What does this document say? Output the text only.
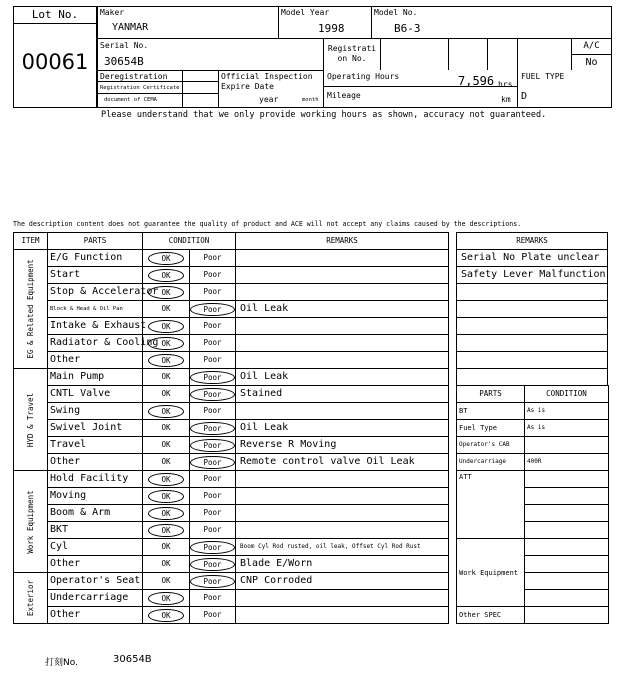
Lot No.
00061
Maker
YANMAR
Model Year
1998
Model No.
B6-3
Serial No.
30654B
Registrati
on No.
A/C
No
Deregistration
Registration Certificate
document of CEMA
Official Inspection
Expire Date
year	month
Operating Hours	7,596 hrs
km
Mileage
FUEL TYPE
D
Please understand that we only provide working hours as shown, accuracy not guaranteed.
The description content does not guarantee the quality of product and ACE will not accept any claims caused by the descriptions.
ITEM	PARTS	CONDITION		REMARKS

EG & Related Equipment	E/G Function	OK	Poor	
	Start	OK	Poor	
	Stop & Accelerator	OK	Poor	
	Block & Head & Oil Pan	OK	Poor	Oil Leak
	Intake & Exhaust	OK	Poor	
	Radiator & Cooling	OK	Poor	
	Other	OK	Poor	

HYD & Travel	Main Pump	OK	Poor	Oil Leak
	CNTL Valve	OK	Poor	Stained
	Swing	OK	Poor	
	Swivel Joint	OK	Poor	Oil Leak
	Travel	OK	Poor	Reverse R Moving
	Other	OK	Poor	Remote control valve Oil Leak

Work Equipment	Hold Facility	OK	Poor	
	Moving	OK	Poor	
	Boom & Arm	OK	Poor	
	BKT	OK	Poor	
	Cyl	OK	Poor	Boom Cyl Rod rusted, oil leak, Offset Cyl Rod Rust
	Other	OK	Poor	Blade E/Worn

Exterior	Operator's Seat	OK	Poor	CNP Corroded
	Undercarriage	OK	Poor	
	Other	OK	Poor	
REMARKS
Serial No Plate unclear
Safety Lever Malfunction

PARTS	CONDITION
BT	As is
Fuel Type	As is
Operator's CAB	
Undercarriage	400R
ATT	

Work Equipment	

Other SPEC	
打刻No.	30654B
